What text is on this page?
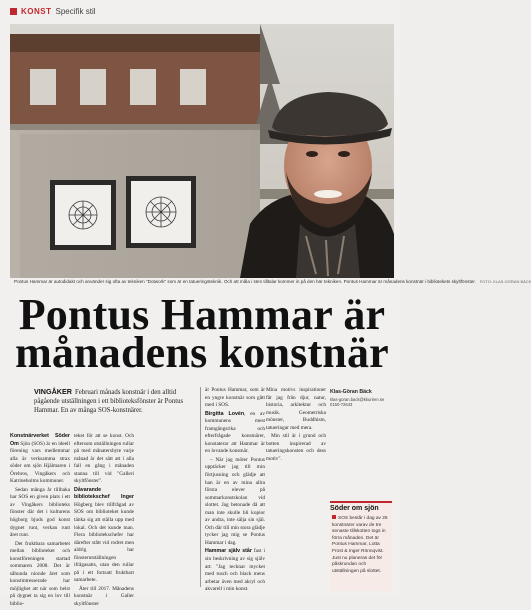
KONST Specifik stil
Pontus Hammar är autodidakt och använder sig ofta av tekniken "Dotwork" som är en tatueringsteknik. Och att måla i sten tilltalar kommer in på den här tekniken. Pontus Hammar är månadens konstnär i bibliotekets skyltfönster. FOTO: KLAS-GÖRAN BÄCK
Pontus Hammar är
månadens konstnär
VINGÅKER Februari månads konstnär i den alltid pågående utställningen i ett biblioteksfönster är Pontus Hammar. En av många SOS-konstnärer.

Konstnärverket Söder Om Sjön (SOS) är en ideell förening vars medlemmar alla är verksamma strax söder om sjön Hjälmaren i Örebros, Vingåkers och Katrineholms kommuner.

Sedan många år tillbaka har SOS en given plats i ett av Vingåkers biblioteks fönster där det i kulturens högborg bjuds god konst dygnet runt, verkan runt året runt.

Det fruktbara samarbetet mellan biblioteket och konstföreningen startad sommaren 2008. Det är såhunda nionde året som konstintresserade har möjlighet att när som helst på dygnet ta sig en lov till biblio-

teket för att se konst. Och eftersom utställningen rullar på med månatersbyte varje månad är det sätt att i alla fall en gång i månaden stanna till vid "Galleri skyltfönster".

Dåvarande bibliotekschef Inger Högberg blev tillfrågad av SOS om biblioteket kunde tänka sig att ställa upp med lokal. Och det kunde man. Flera bibliotekschefer har därefter stått vid rodret men aldrig har fönsterutställningen ifrågasatts, utan den rullar på i ett fortsatt fruktbart samarbete.

Åter till 2017. Månadens konstnär i Galler skyltfönster

är Pontus Hammar, som är en yngre konstnär som gått med i SOS.

Birgitta Lovén, en av kommunens mest framgångsrika och efterfrågade konstnärer, konstaterar att Hammar är en lovande konstnär.

– När jag möter Pontus upptäcker jag till min förtjusning och glädje att han är en av mina allra första elever på sommarkonstskolan vid slottet. Jag betonade då att man inte skulle bli kopior av andra, inte sälja sin själ. Och där till min stora glädje tycker jag mig se Pontus Hammar i dag.

Hammar själv står fast i sin beskrivning av sig själv att: "Jag tecknar mycket med tusch och black mens arbetar även med akryl och akvarell i min konst.

Mina motivs inspirationer får jag från djur, natur, historia, arkitektur och musik. Geometriska mönster, Buddhism, tatueringar med mera.

Min stil är i grund och botten inspirerad av tatueringskonsten och dess motiv".

Klas-Göran Bäck
klas-goran.back@kkuriren.se
0150-72643
Söder om sjön
SOS består i dag av 26 konstnärer varav de tre senaste tillskotten togs in förra månaden. Det är Pontus Hammar, Lotta Frost & Inger Rönnqvist. Just nu planeras det för påskrundan och utställningen på slottet.
